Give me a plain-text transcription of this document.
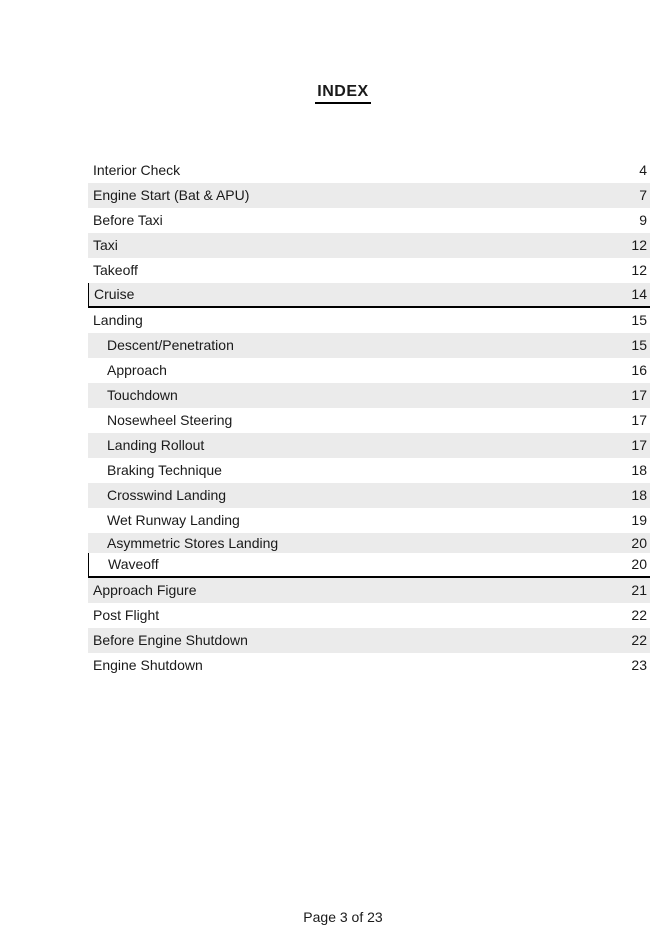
INDEX
Interior Check	4
Engine Start (Bat & APU)	7
Before Taxi	9
Taxi	12
Takeoff	12
Cruise	14
Landing	15
Descent/Penetration	15
Approach	16
Touchdown	17
Nosewheel Steering	17
Landing Rollout	17
Braking Technique	18
Crosswind Landing	18
Wet Runway Landing	19
Asymmetric Stores Landing	20
Waveoff	20
Approach Figure	21
Post Flight	22
Before Engine Shutdown	22
Engine Shutdown	23
Page 3 of 23
